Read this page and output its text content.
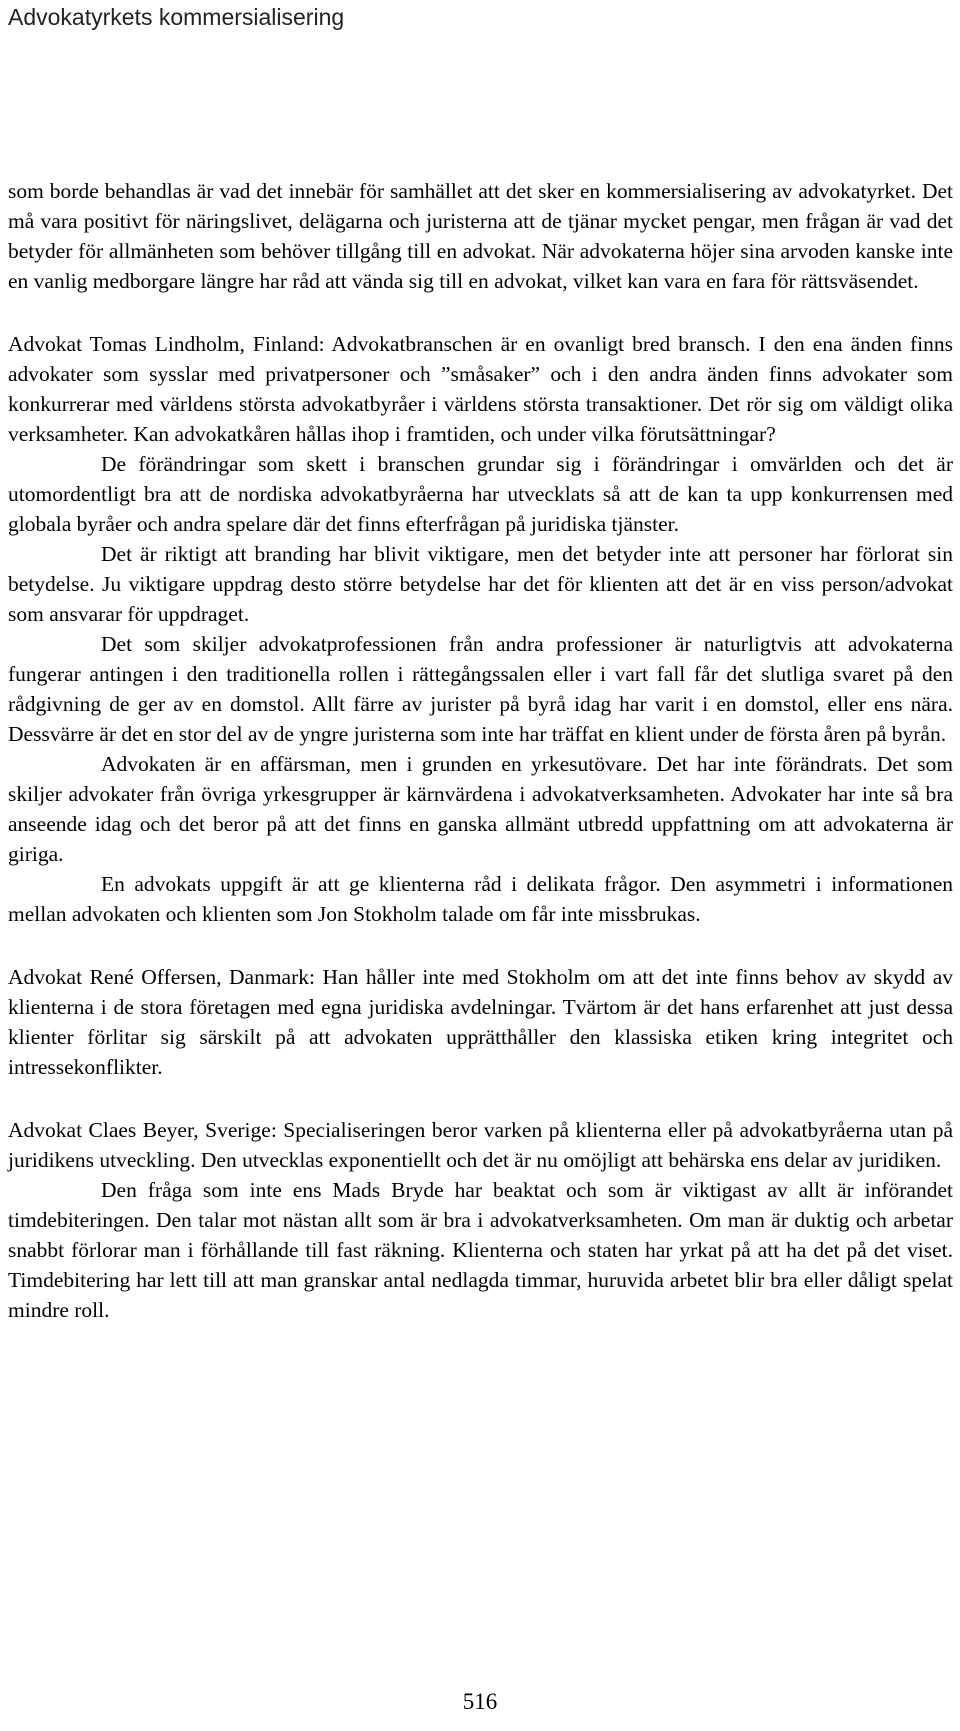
Advokatyrkets kommersialisering

som borde behandlas är vad det innebär för samhället att det sker en kommersialisering av advokatyrket. Det må vara positivt för näringslivet, delägarna och juristerna att de tjänar mycket pengar, men frågan är vad det betyder för allmänheten som behöver tillgång till en advokat. När advokaterna höjer sina arvoden kanske inte en vanlig medborgare längre har råd att vända sig till en advokat, vilket kan vara en fara för rättsväsendet.

Advokat Tomas Lindholm, Finland: Advokatbranschen är en ovanligt bred bransch. I den ena änden finns advokater som sysslar med privatpersoner och ”småsaker” och i den andra änden finns advokater som konkurrerar med världens största advokatbyråer i världens största transaktioner. Det rör sig om väldigt olika verksamheter. Kan advokatkåren hållas ihop i framtiden, och under vilka förutsättningar?

De förändringar som skett i branschen grundar sig i förändringar i omvärlden och det är utomordentligt bra att de nordiska advokatbyråerna har utvecklats så att de kan ta upp konkurrensen med globala byråer och andra spelare där det finns efterfrågan på juridiska tjänster.

Det är riktigt att branding har blivit viktigare, men det betyder inte att personer har förlorat sin betydelse. Ju viktigare uppdrag desto större betydelse har det för klienten att det är en viss person/advokat som ansvarar för uppdraget.

Det som skiljer advokatprofessionen från andra professioner är naturligtvis att advokaterna fungerar antingen i den traditionella rollen i rättegångssalen eller i vart fall får det slutliga svaret på den rådgivning de ger av en domstol. Allt färre av jurister på byrå idag har varit i en domstol, eller ens nära. Dessvärre är det en stor del av de yngre juristerna som inte har träffat en klient under de första åren på byrån.

Advokaten är en affärsman, men i grunden en yrkesutövare. Det har inte förändrats. Det som skiljer advokater från övriga yrkesgrupper är kärnvärdena i advokatverksamheten. Advokater har inte så bra anseende idag och det beror på att det finns en ganska allmänt utbredd uppfattning om att advokaterna är giriga.

En advokats uppgift är att ge klienterna råd i delikata frågor. Den asymmetri i informationen mellan advokaten och klienten som Jon Stokholm talade om får inte missbrukas.

Advokat René Offersen, Danmark: Han håller inte med Stokholm om att det inte finns behov av skydd av klienterna i de stora företagen med egna juridiska avdelningar. Tvärtom är det hans erfarenhet att just dessa klienter förlitar sig särskilt på att advokaten upprätthåller den klassiska etiken kring integritet och intressekonflikter.

Advokat Claes Beyer, Sverige: Specialiseringen beror varken på klienterna eller på advokatbyråerna utan på juridikens utveckling. Den utvecklas exponentiellt och det är nu omöjligt att behärska ens delar av juridiken.

Den fråga som inte ens Mads Bryde har beaktat och som är viktigast av allt är införandet timdebiteringen. Den talar mot nästan allt som är bra i advokatverksamheten. Om man är duktig och arbetar snabbt förlorar man i förhållande till fast räkning. Klienterna och staten har yrkat på att ha det på det viset. Timdebitering har lett till att man granskar antal nedlagda timmar, huruvida arbetet blir bra eller dåligt spelat mindre roll.

516
